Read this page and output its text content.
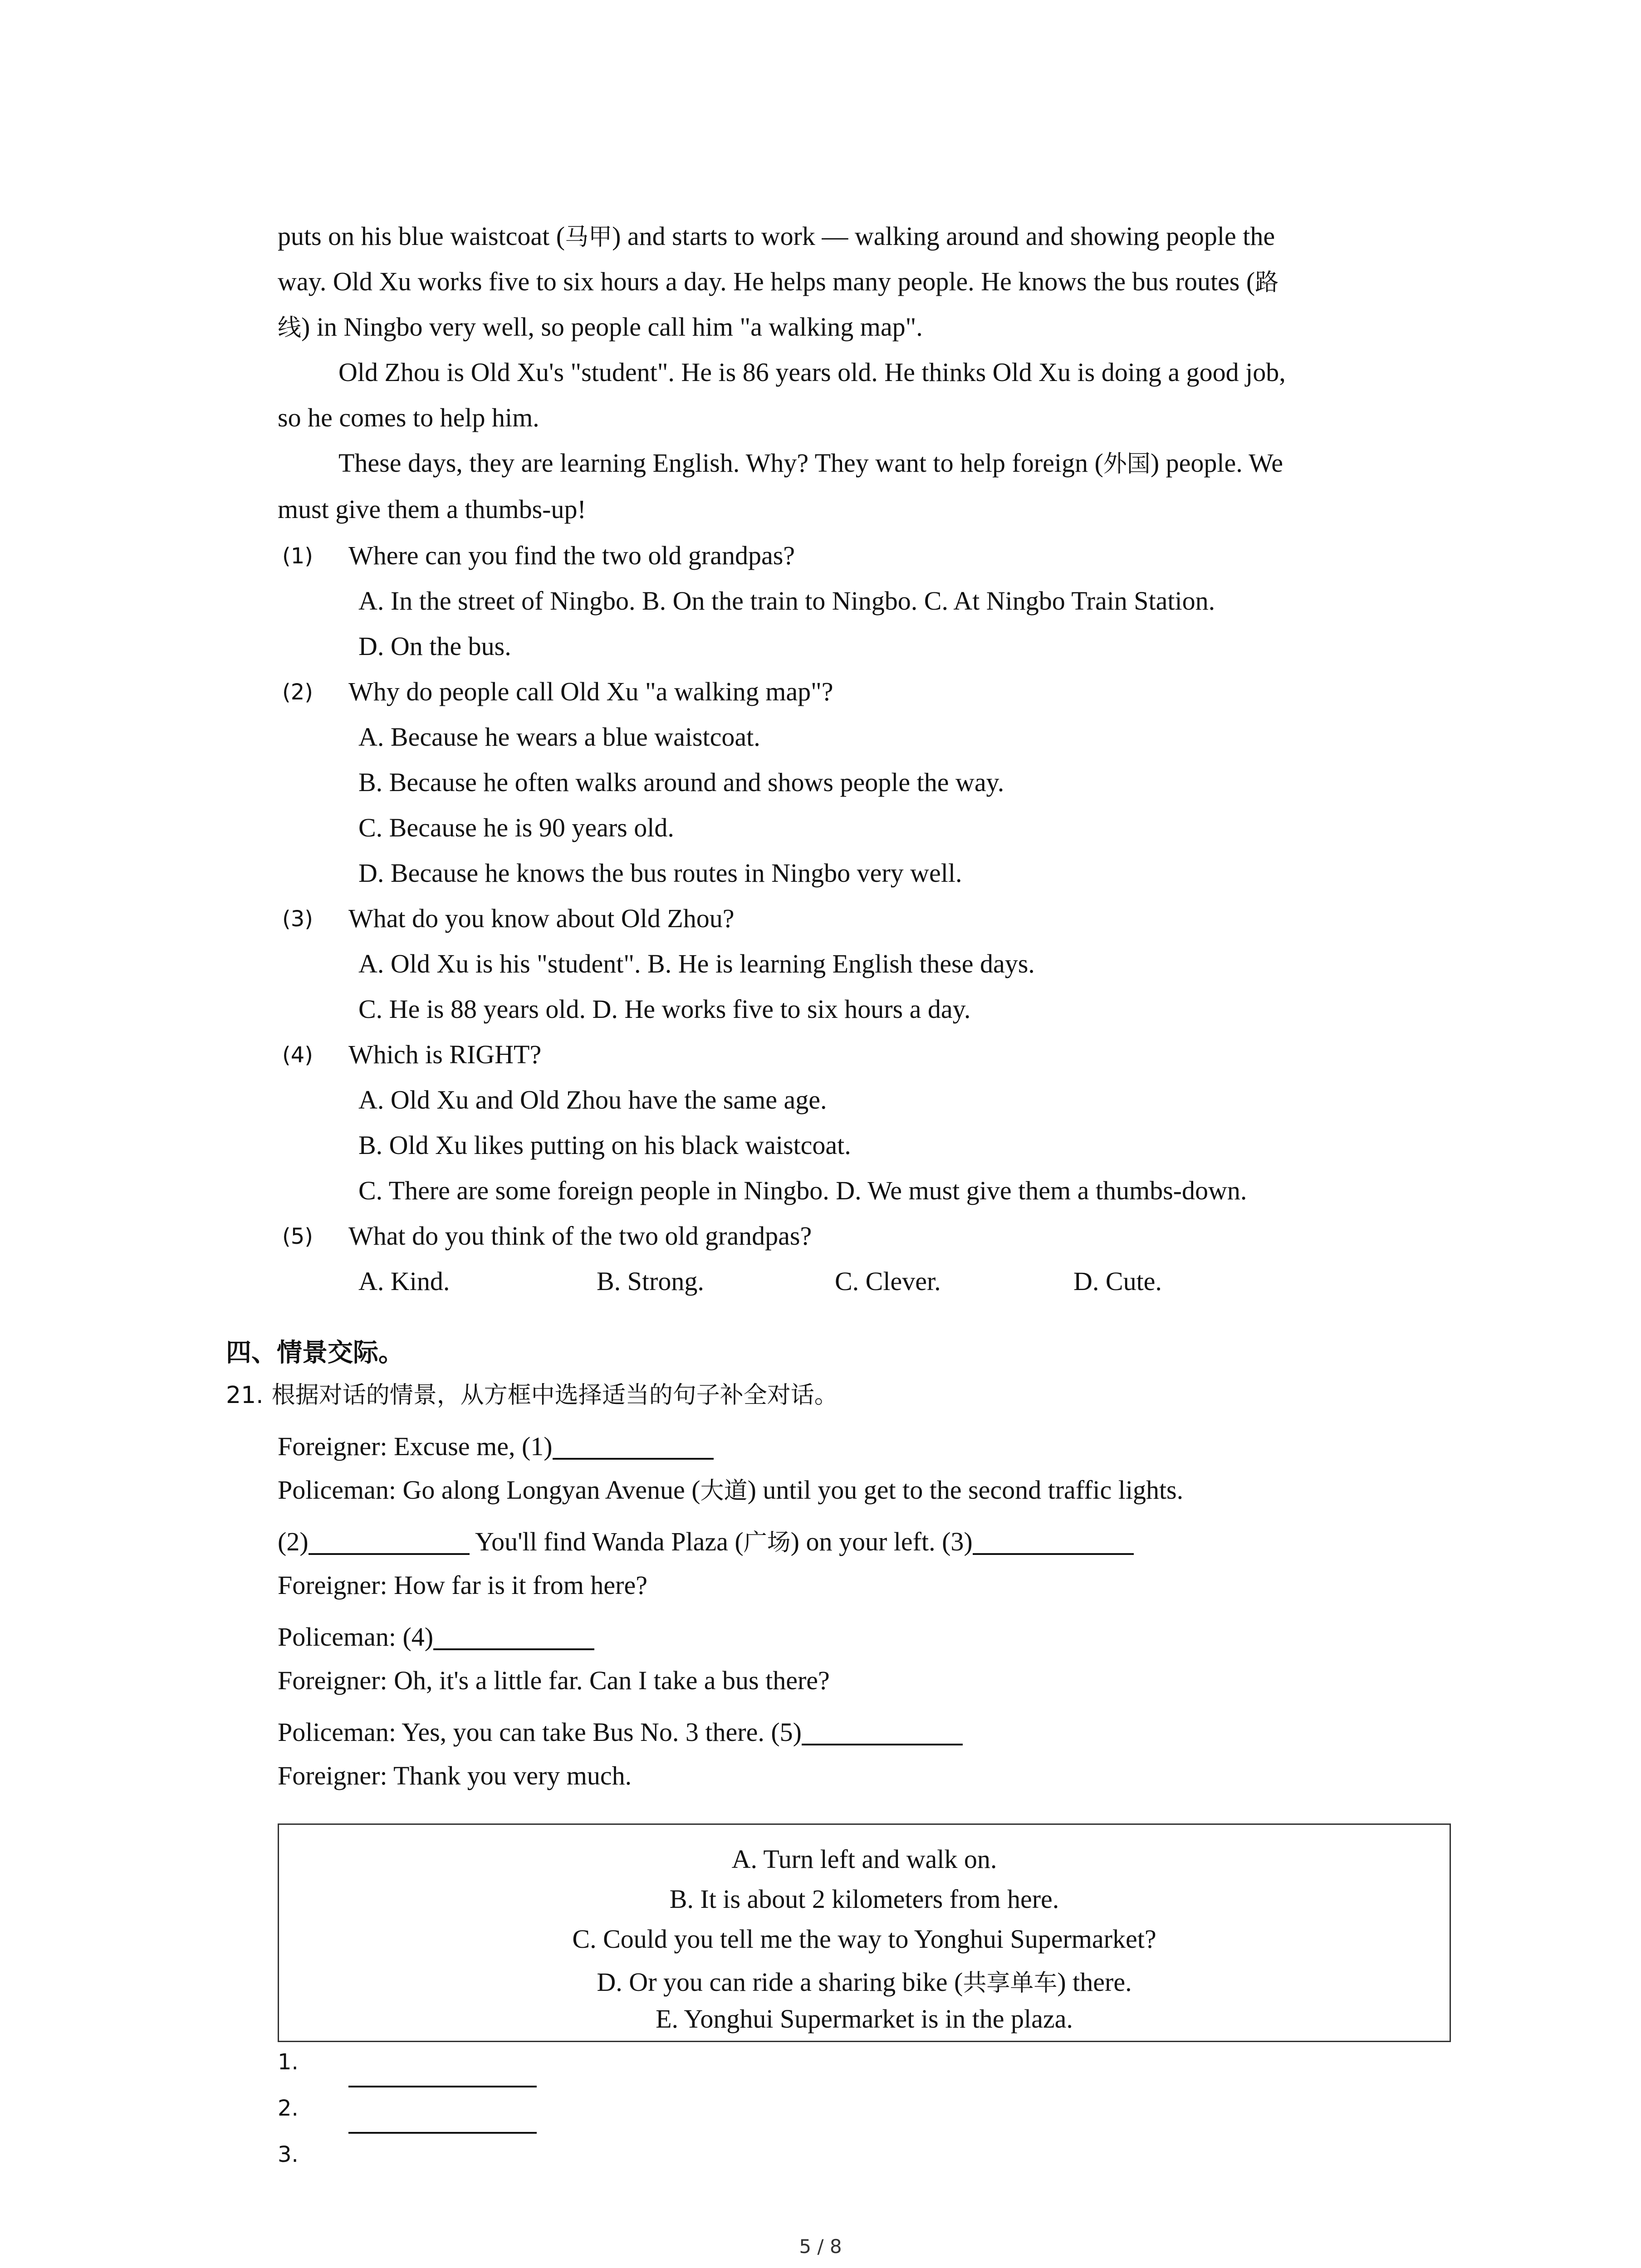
puts on his blue waistcoat (马甲) and starts to work — walking around and showing people the
way. Old Xu works five to six hours a day. He helps many people. He knows the bus routes (路
线) in Ningbo very well, so people call him "a walking map".
Old Zhou is Old Xu's "student". He is 86 years old. He thinks Old Xu is doing a good job,
so he comes to help him.
These days, they are learning English. Why? They want to help foreign (外国) people. We
must give them a thumbs-up!
(1) Where can you find the two old grandpas?
A. In the street of Ningbo. B. On the train to Ningbo. C. At Ningbo Train Station.
D. On the bus.
(2) Why do people call Old Xu "a walking map"?
A. Because he wears a blue waistcoat.
B. Because he often walks around and shows people the way.
C. Because he is 90 years old.
D. Because he knows the bus routes in Ningbo very well.
(3) What do you know about Old Zhou?
A. Old Xu is his "student". B. He is learning English these days.
C. He is 88 years old. D. He works five to six hours a day.
(4) Which is RIGHT?
A. Old Xu and Old Zhou have the same age.
B. Old Xu likes putting on his black waistcoat.
C. There are some foreign people in Ningbo. D. We must give them a thumbs-down.
(5) What do you think of the two old grandpas?
A. Kind.	B. Strong.	C. Clever.	D. Cute.
四、情景交际。
21. 根据对话的情景，从方框中选择适当的句子补全对话。
Foreigner: Excuse me, (1)
Policeman: Go along Longyan Avenue (大道) until you get to the second traffic lights.
(2)	You'll find Wanda Plaza (广场) on your left. (3)
Foreigner: How far is it from here?
Policeman: (4)
Foreigner: Oh, it's a little far. Can I take a bus there?
Policeman: Yes, you can take Bus No. 3 there. (5)
Foreigner: Thank you very much.
A. Turn left and walk on.
B. It is about 2 kilometers from here.
C. Could you tell me the way to Yonghui Supermarket?
D. Or you can ride a sharing bike (共享单车) there.
E. Yonghui Supermarket is in the plaza.
1.
2.
3.
5 / 8
